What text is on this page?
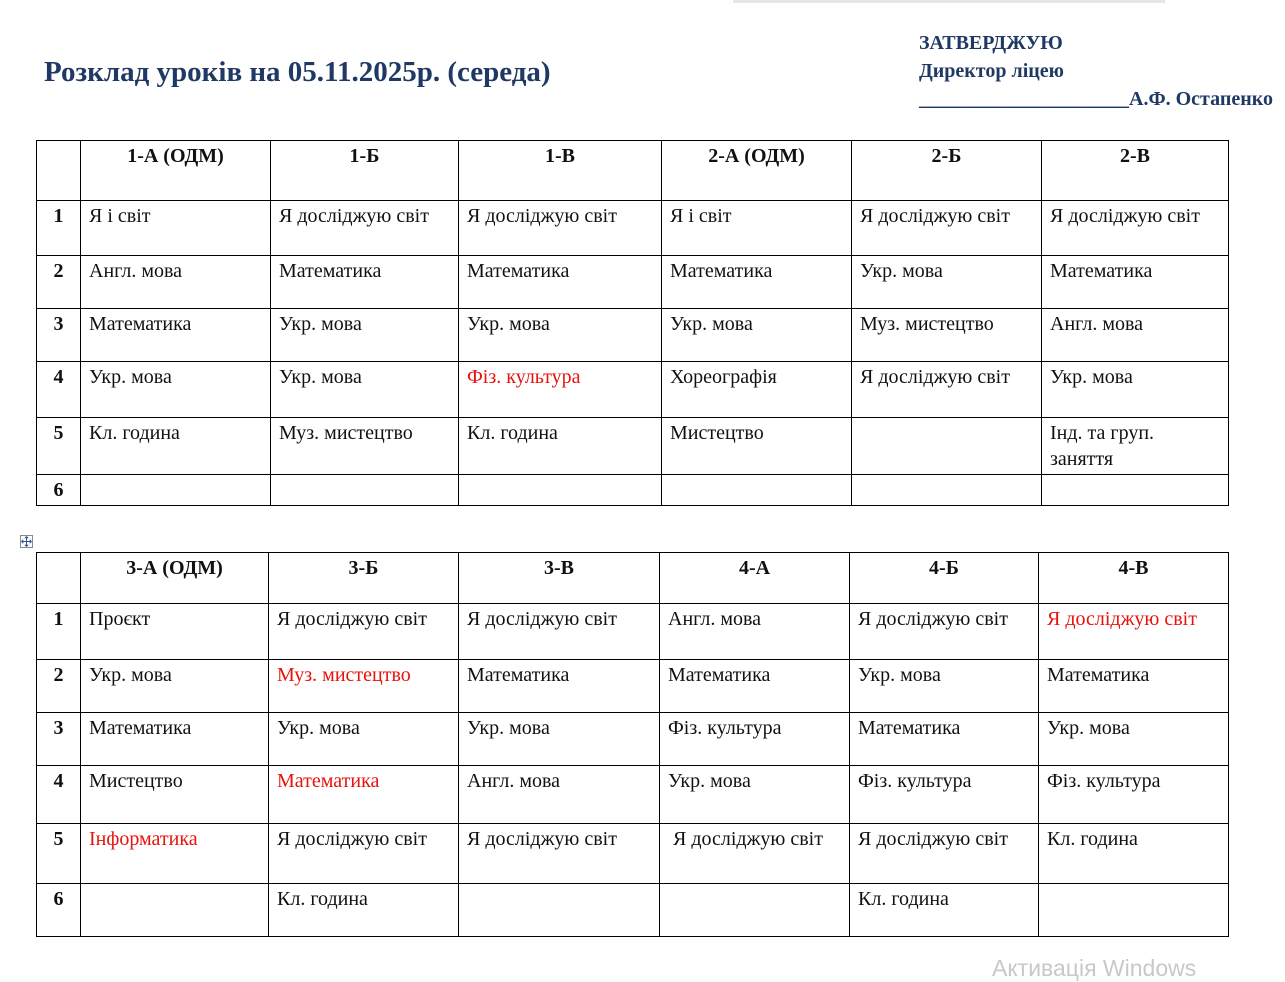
Розклад уроків на 05.11.2025р. (середа)
ЗАТВЕРДЖУЮ
Директор ліцею
_____________________А.Ф. Остапенко
	1-А (ОДМ)	1-Б	1-В	2-А (ОДМ)	2-Б	2-В
1	Я і світ	Я досліджую світ	Я досліджую світ	Я і світ	Я досліджую світ	Я досліджую світ
2	Англ. мова	Математика	Математика	Математика	Укр. мова	Математика
3	Математика	Укр. мова	Укр. мова	Укр. мова	Муз. мистецтво	Англ. мова
4	Укр. мова	Укр. мова	Фіз. культура	Хореографія	Я досліджую світ	Укр. мова
5	Кл. година	Муз. мистецтво	Кл. година	Мистецтво		Інд. та груп. заняття
6						
	3-А (ОДМ)	3-Б	3-В	4-А	4-Б	4-В
1	Проєкт	Я досліджую світ	Я досліджую світ	Англ. мова	Я досліджую світ	Я досліджую світ
2	Укр. мова	Муз. мистецтво	Математика	Математика	Укр. мова	Математика
3	Математика	Укр. мова	Укр. мова	Фіз. культура	Математика	Укр. мова
4	Мистецтво	Математика	Англ. мова	Укр. мова	Фіз. культура	Фіз. культура
5	Інформатика	Я досліджую світ	Я досліджую світ	Я досліджую світ	Я досліджую світ	Кл. година
6		Кл. година			Кл. година	
Активація Windows
